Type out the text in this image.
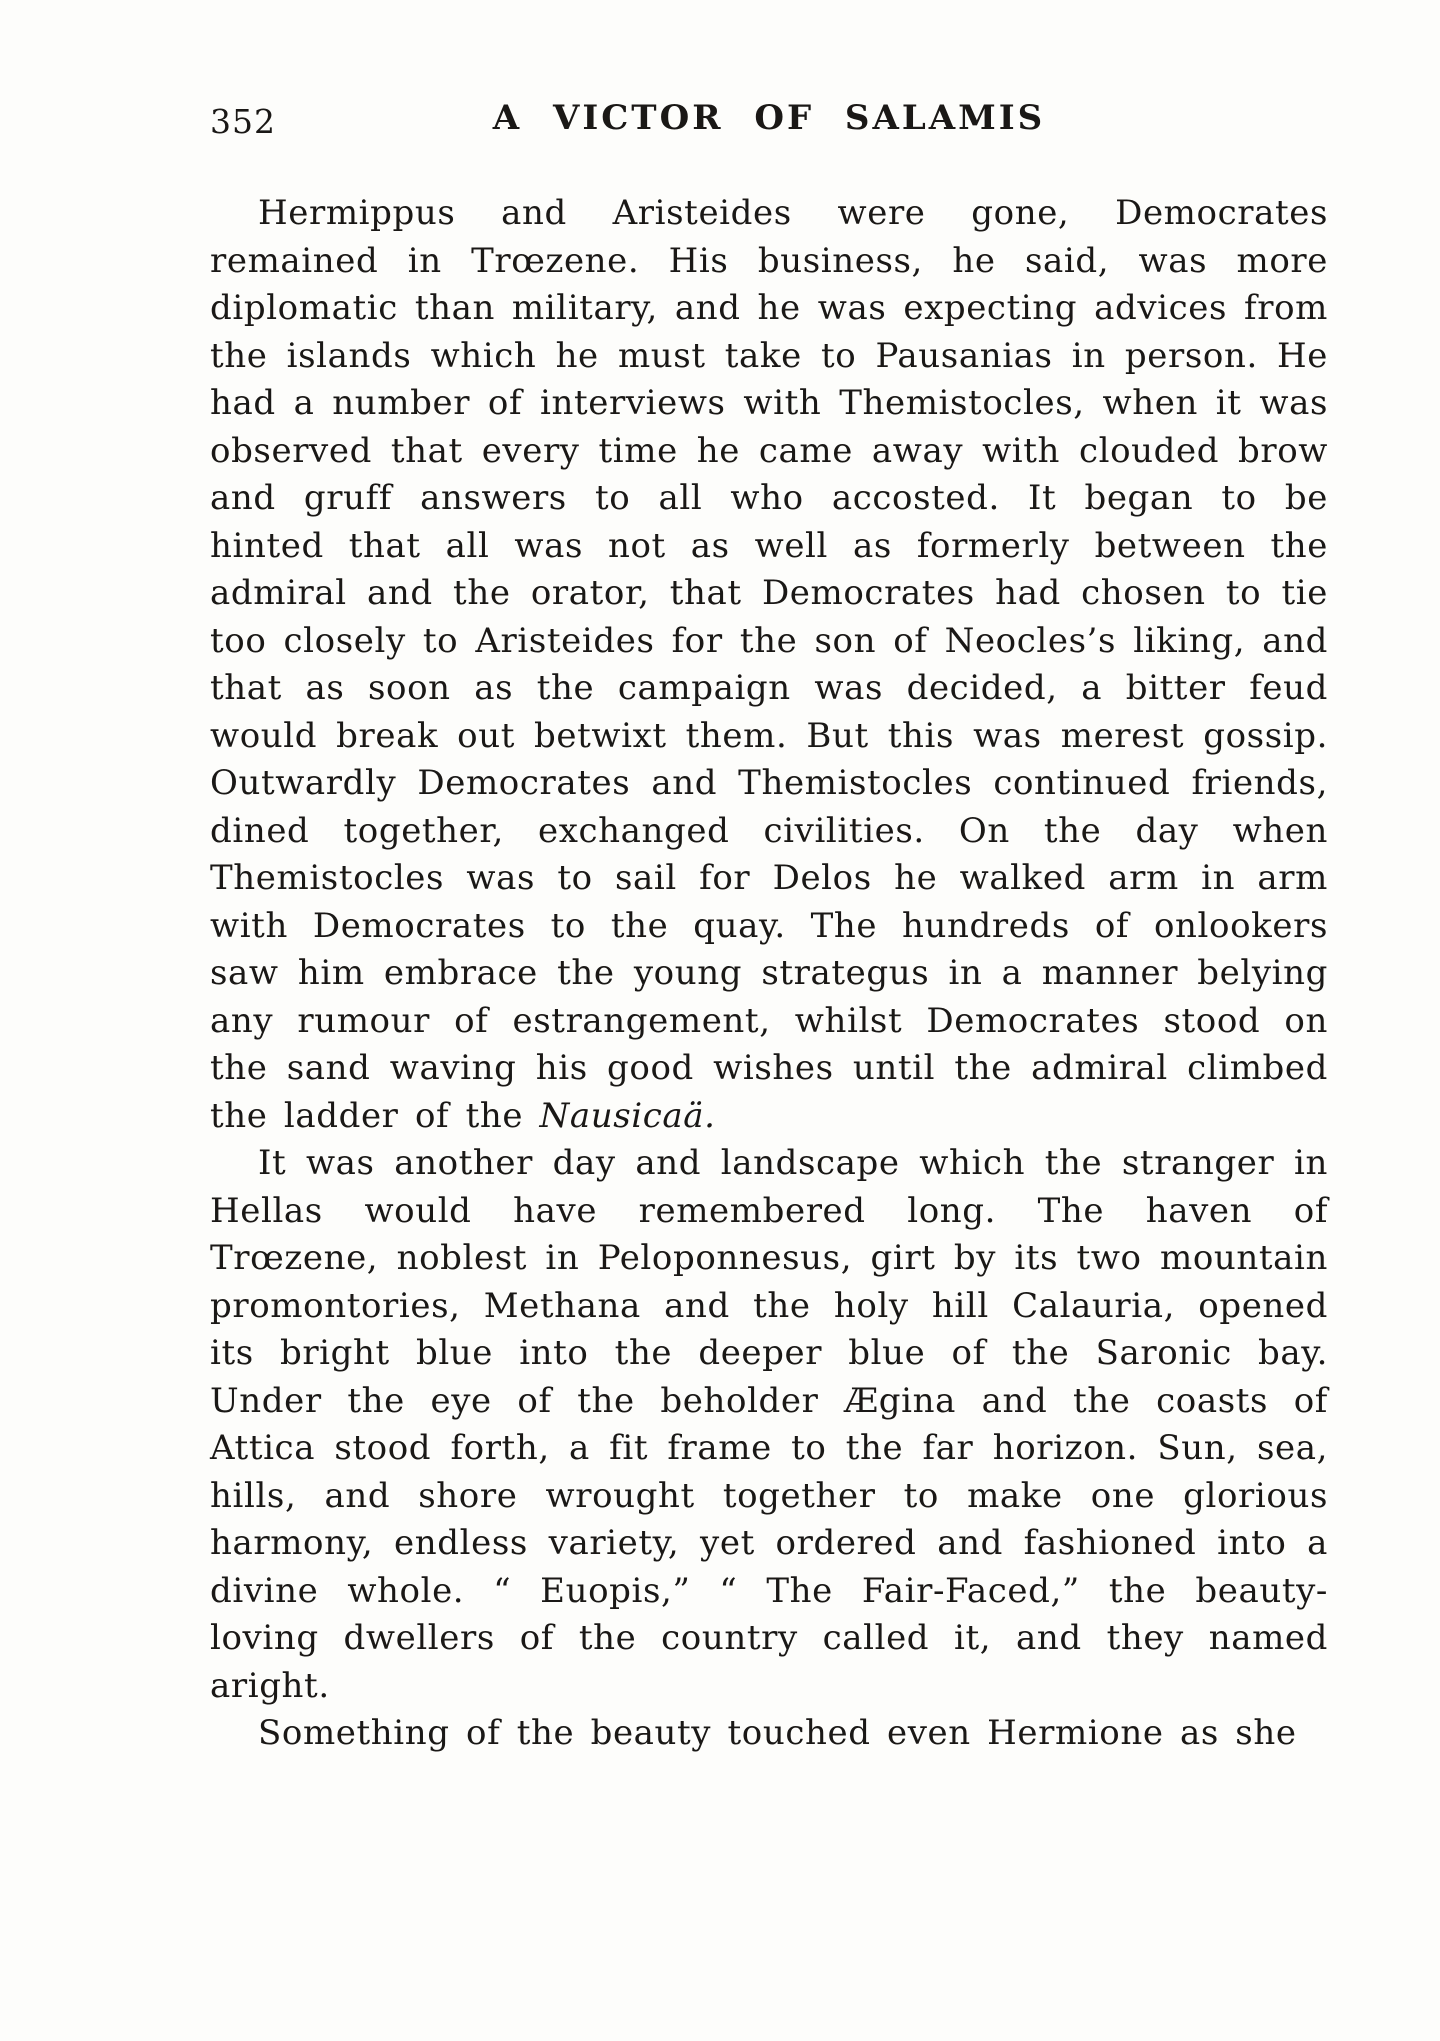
352	A VICTOR OF SALAMIS

Hermippus and Aristeides were gone, Democrates remained in Trœzene. His business, he said, was more diplomatic than military, and he was expecting advices from the islands which he must take to Pausanias in person. He had a number of interviews with Themistocles, when it was observed that every time he came away with clouded brow and gruff answers to all who accosted. It began to be hinted that all was not as well as formerly between the admiral and the orator, that Democrates had chosen to tie too closely to Aristeides for the son of Neocles’s liking, and that as soon as the campaign was decided, a bitter feud would break out betwixt them. But this was merest gossip. Outwardly Democrates and Themistocles continued friends, dined together, exchanged civilities. On the day when Themistocles was to sail for Delos he walked arm in arm with Democrates to the quay. The hundreds of onlookers saw him embrace the young strategus in a manner belying any rumour of estrangement, whilst Democrates stood on the sand waving his good wishes until the admiral climbed the ladder of the Nausicaä.

It was another day and landscape which the stranger in Hellas would have remembered long. The haven of Trœzene, noblest in Peloponnesus, girt by its two mountain promontories, Methana and the holy hill Calauria, opened its bright blue into the deeper blue of the Saronic bay. Under the eye of the beholder Ægina and the coasts of Attica stood forth, a fit frame to the far horizon. Sun, sea, hills, and shore wrought together to make one glorious harmony, endless variety, yet ordered and fashioned into a divine whole. “ Euopis,” “ The Fair-Faced,” the beauty-loving dwellers of the country called it, and they named aright.

Something of the beauty touched even Hermione as she
